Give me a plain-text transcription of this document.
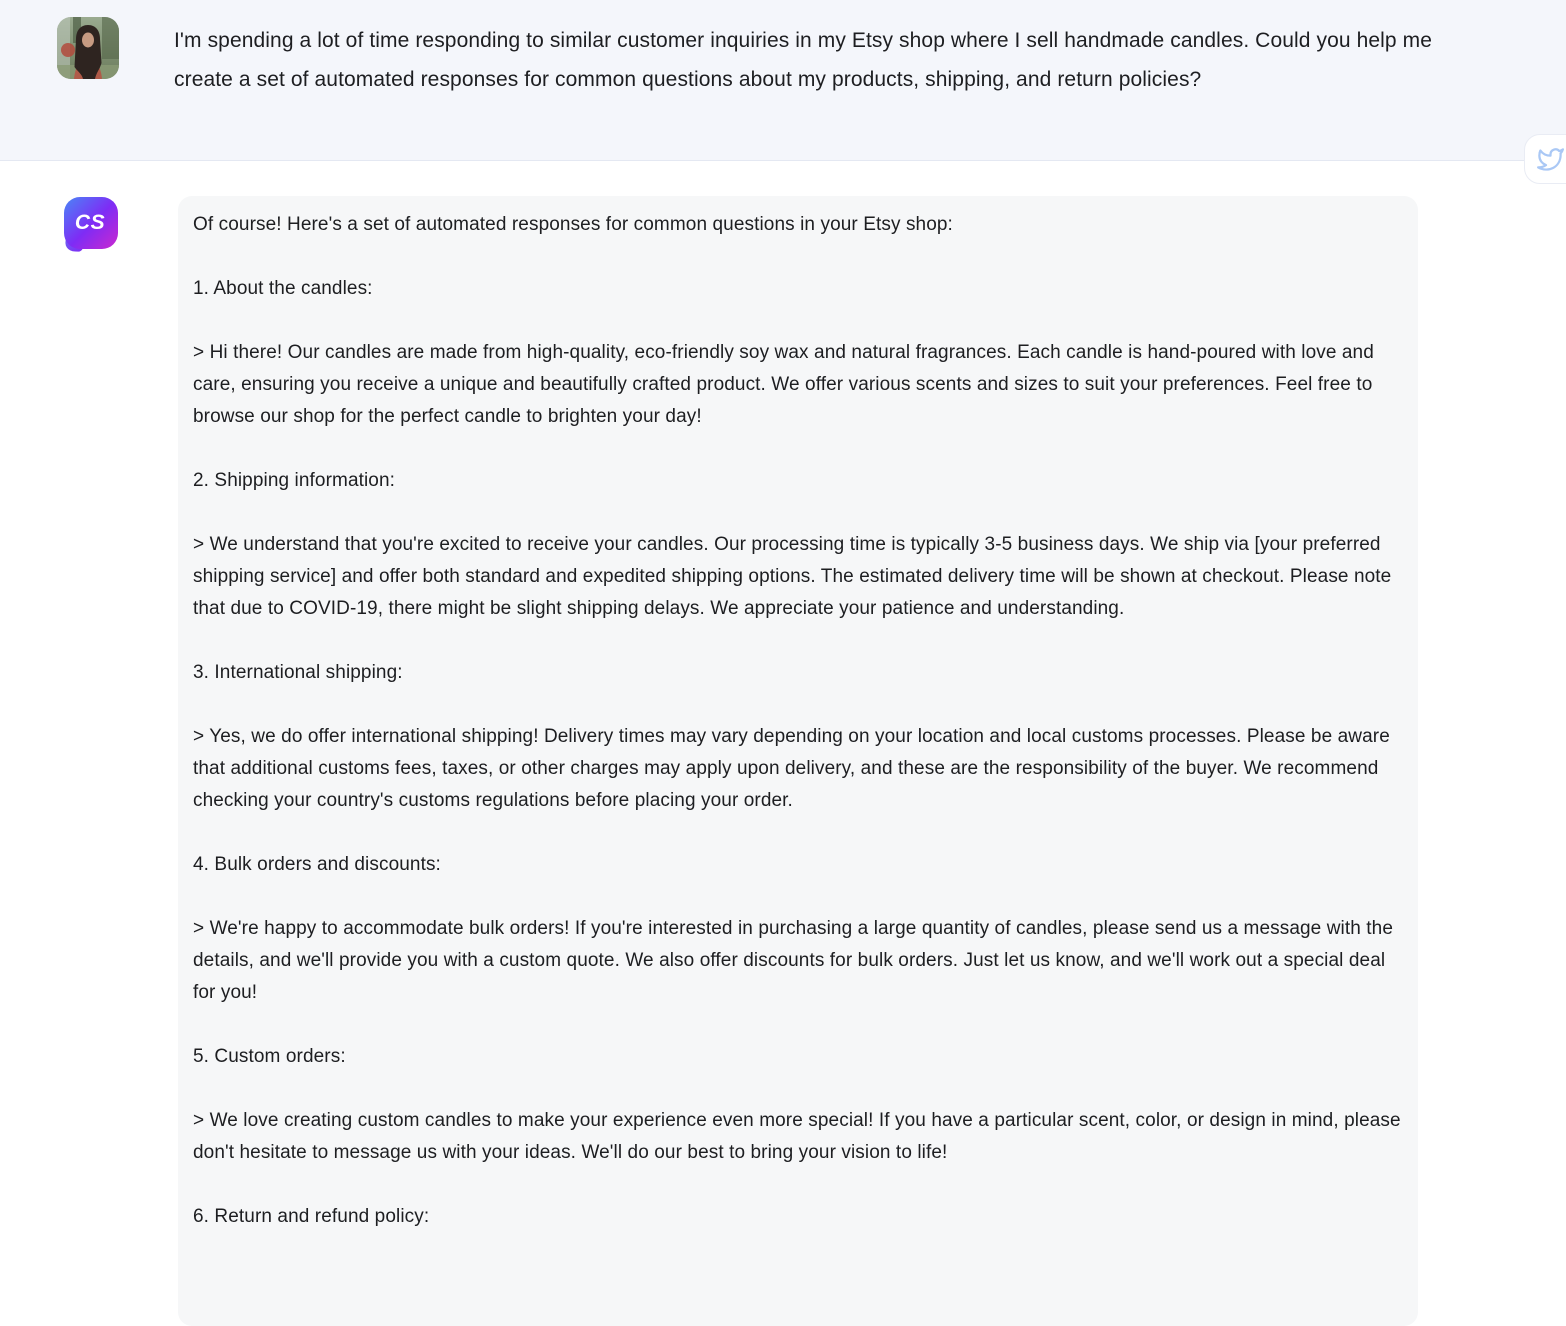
I'm spending a lot of time responding to similar customer inquiries in my Etsy shop where I sell handmade candles. Could you help me create a set of automated responses for common questions about my products, shipping, and return policies?

CS	Of course! Here's a set of automated responses for common questions in your Etsy shop:

1. About the candles:

> Hi there! Our candles are made from high-quality, eco-friendly soy wax and natural fragrances. Each candle is hand-poured with love and care, ensuring you receive a unique and beautifully crafted product. We offer various scents and sizes to suit your preferences. Feel free to browse our shop for the perfect candle to brighten your day!

2. Shipping information:

> We understand that you're excited to receive your candles. Our processing time is typically 3-5 business days. We ship via [your preferred shipping service] and offer both standard and expedited shipping options. The estimated delivery time will be shown at checkout. Please note that due to COVID-19, there might be slight shipping delays. We appreciate your patience and understanding.

3. International shipping:

> Yes, we do offer international shipping! Delivery times may vary depending on your location and local customs processes. Please be aware that additional customs fees, taxes, or other charges may apply upon delivery, and these are the responsibility of the buyer. We recommend checking your country's customs regulations before placing your order.

4. Bulk orders and discounts:

> We're happy to accommodate bulk orders! If you're interested in purchasing a large quantity of candles, please send us a message with the details, and we'll provide you with a custom quote. We also offer discounts for bulk orders. Just let us know, and we'll work out a special deal for you!

5. Custom orders:

> We love creating custom candles to make your experience even more special! If you have a particular scent, color, or design in mind, please don't hesitate to message us with your ideas. We'll do our best to bring your vision to life!

6. Return and refund policy:
